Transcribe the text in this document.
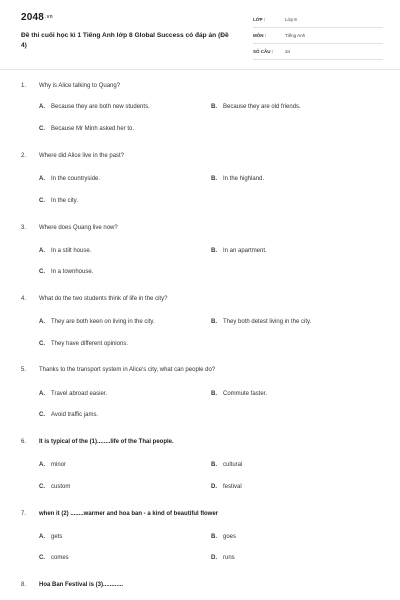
2048.vn
Đề thi cuối học kì 1 Tiếng Anh lớp 8 Global Success có đáp án (Đề 4)
LỚP :	Lớp 8
MÔN :	Tiếng Anh
SỐ CÂU :	34
1. Why is Alice talking to Quang?
A. Because they are both new students.	B. Because they are old friends.
C. Because Mr Minh asked her to.
2. Where did Alice live in the past?
A. In the countryside.	B. In the highland.
C. In the city.
3. Where does Quang live now?
A. In a stilt house.	B. In an apartment.
C. In a townhouse.
4. What do the two students think of life in the city?
A. They are both keen on living in the city.	B. They both detest living in the city.
C. They have different opinions.
5. Thanks to the transport system in Alice's city, what can people do?
A. Travel abroad easier.	B. Commute faster.
C. Avoid traffic jams.
6. It is typical of the (1)........life of the Thai people.
A. minor	B. cultural
C. custom	D. festival
7. when it (2) ........warmer and hoa ban - a kind of beautiful flower
A. gets	B. goes
C. comes	D. runs
8. Hoa Ban Festival is (3)............
